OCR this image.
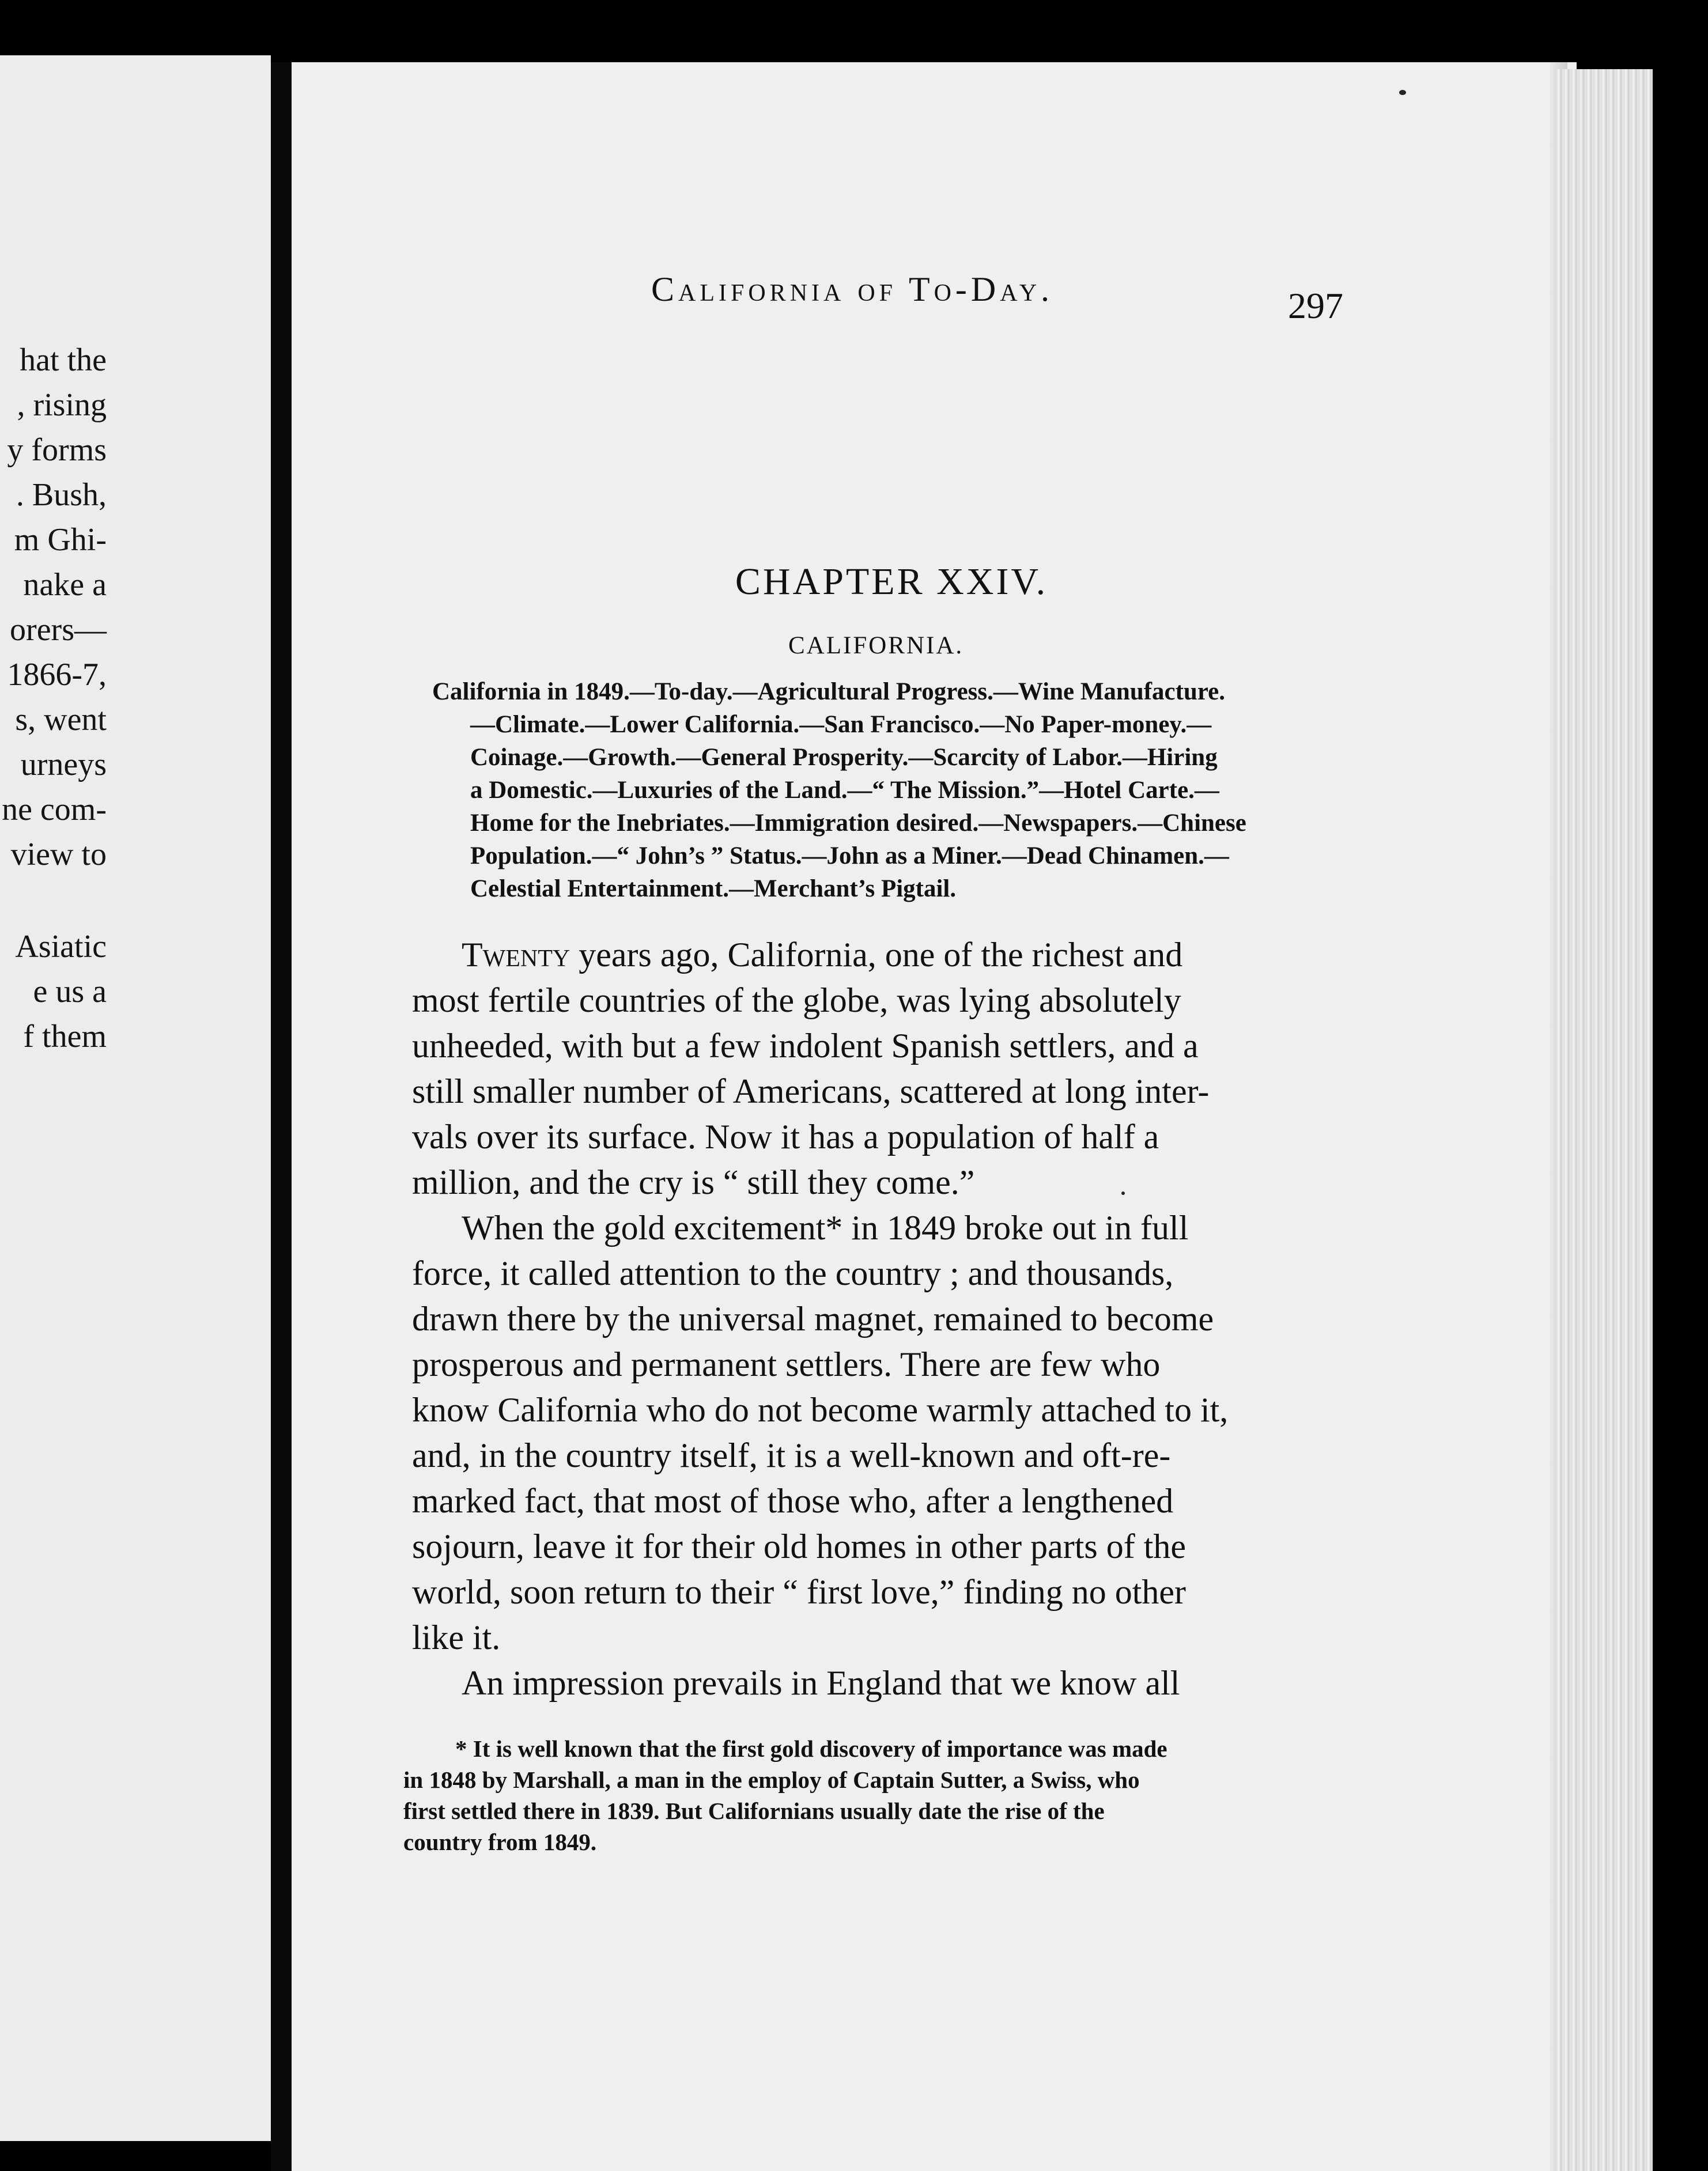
hat the
, rising
y forms
. Bush,
m Ghi-
nake a
orers—
1866-7,
s, went
urneys
ne com-
view to
Asiatic
e us a
f them
California of To-Day.	297
CHAPTER XXIV.
CALIFORNIA.
California in 1849.—To-day.—Agricultural Progress.—Wine Manufacture.
—Climate.—Lower California.—San Francisco.—No Paper-money.—
Coinage.—Growth.—General Prosperity.—Scarcity of Labor.—Hiring
a Domestic.—Luxuries of the Land.—“ The Mission.”—Hotel Carte.—
Home for the Inebriates.—Immigration desired.—Newspapers.—Chinese
Population.—“ John’s ” Status.—John as a Miner.—Dead Chinamen.—
Celestial Entertainment.—Merchant’s Pigtail.
Twenty years ago, California, one of the richest and
most fertile countries of the globe, was lying absolutely
unheeded, with but a few indolent Spanish settlers, and a
still smaller number of Americans, scattered at long inter-
vals over its surface. Now it has a population of half a
million, and the cry is “ still they come.”
When the gold excitement* in 1849 broke out in full
force, it called attention to the country ; and thousands,
drawn there by the universal magnet, remained to become
prosperous and permanent settlers. There are few who
know California who do not become warmly attached to it,
and, in the country itself, it is a well-known and oft-re-
marked fact, that most of those who, after a lengthened
sojourn, leave it for their old homes in other parts of the
world, soon return to their “ first love,” finding no other
like it.
An impression prevails in England that we know all
* It is well known that the first gold discovery of importance was made
in 1848 by Marshall, a man in the employ of Captain Sutter, a Swiss, who
first settled there in 1839. But Californians usually date the rise of the
country from 1849.
